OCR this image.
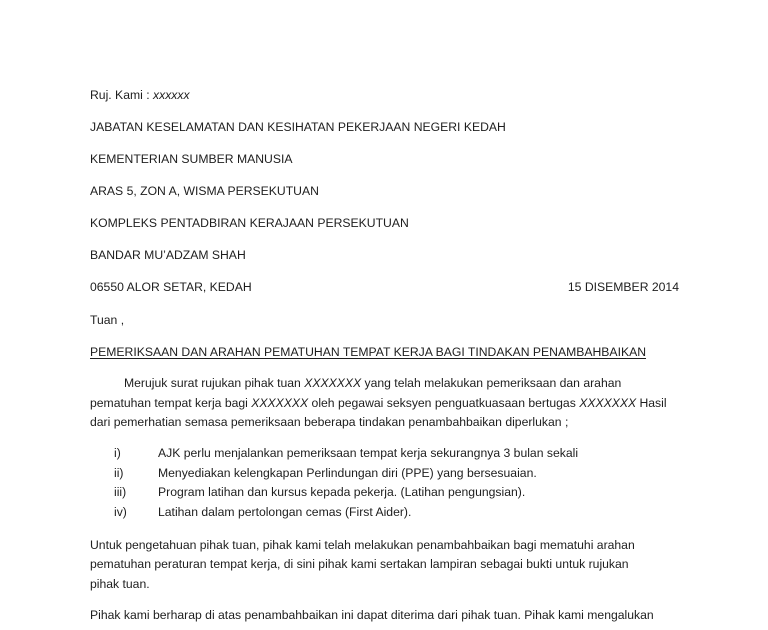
Ruj. Kami : xxxxxx
JABATAN KESELAMATAN DAN KESIHATAN PEKERJAAN NEGERI KEDAH
KEMENTERIAN SUMBER MANUSIA
ARAS 5, ZON A, WISMA PERSEKUTUAN
KOMPLEKS PENTADBIRAN KERAJAAN PERSEKUTUAN
BANDAR MU’ADZAM SHAH
06550 ALOR SETAR, KEDAH	15 DISEMBER 2014
Tuan ,
PEMERIKSAAN DAN ARAHAN PEMATUHAN TEMPAT KERJA BAGI TINDAKAN PENAMBAHBAIKAN
Merujuk surat rujukan pihak tuan XXXXXXX yang telah melakukan pemeriksaan dan arahan
pematuhan tempat kerja bagi XXXXXXX oleh pegawai seksyen penguatkuasaan bertugas XXXXXXX Hasil
dari pemerhatian semasa pemeriksaan beberapa tindakan penambahbaikan diperlukan ;
i)	AJK perlu menjalankan pemeriksaan tempat kerja sekurangnya 3 bulan sekali
ii)	Menyediakan kelengkapan Perlindungan diri (PPE) yang bersesuaian.
iii)	Program latihan dan kursus kepada pekerja. (Latihan pengungsian).
iv)	Latihan dalam pertolongan cemas (First Aider).
Untuk pengetahuan pihak tuan, pihak kami telah melakukan penambahbaikan bagi mematuhi arahan
pematuhan peraturan tempat kerja, di sini pihak kami sertakan lampiran sebagai bukti untuk rujukan
pihak tuan.
Pihak kami berharap di atas penambahbaikan ini dapat diterima dari pihak tuan. Pihak kami mengalukan
